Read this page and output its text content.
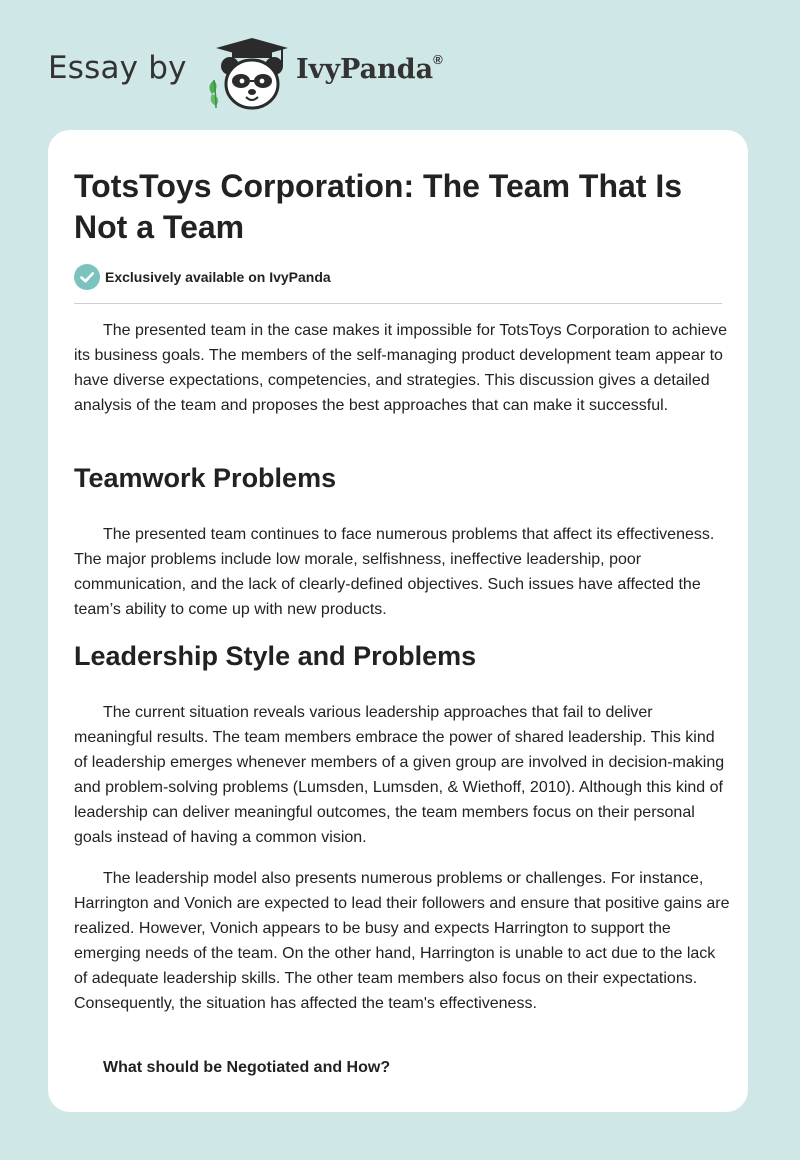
Essay by	IvyPanda®
TotsToys Corporation: The Team That Is Not a Team
Exclusively available on IvyPanda

The presented team in the case makes it impossible for TotsToys Corporation to achieve its business goals. The members of the self-managing product development team appear to have diverse expectations, competencies, and strategies. This discussion gives a detailed analysis of the team and proposes the best approaches that can make it successful.

Teamwork Problems

The presented team continues to face numerous problems that affect its effectiveness. The major problems include low morale, selfishness, ineffective leadership, poor communication, and the lack of clearly-defined objectives. Such issues have affected the team’s ability to come up with new products.

Leadership Style and Problems

The current situation reveals various leadership approaches that fail to deliver meaningful results. The team members embrace the power of shared leadership. This kind of leadership emerges whenever members of a given group are involved in decision-making and problem-solving problems (Lumsden, Lumsden, & Wiethoff, 2010). Although this kind of leadership can deliver meaningful outcomes, the team members focus on their personal goals instead of having a common vision.

The leadership model also presents numerous problems or challenges. For instance, Harrington and Vonich are expected to lead their followers and ensure that positive gains are realized. However, Vonich appears to be busy and expects Harrington to support the emerging needs of the team. On the other hand, Harrington is unable to act due to the lack of adequate leadership skills. The other team members also focus on their expectations. Consequently, the situation has affected the team's effectiveness.

What should be Negotiated and How?
